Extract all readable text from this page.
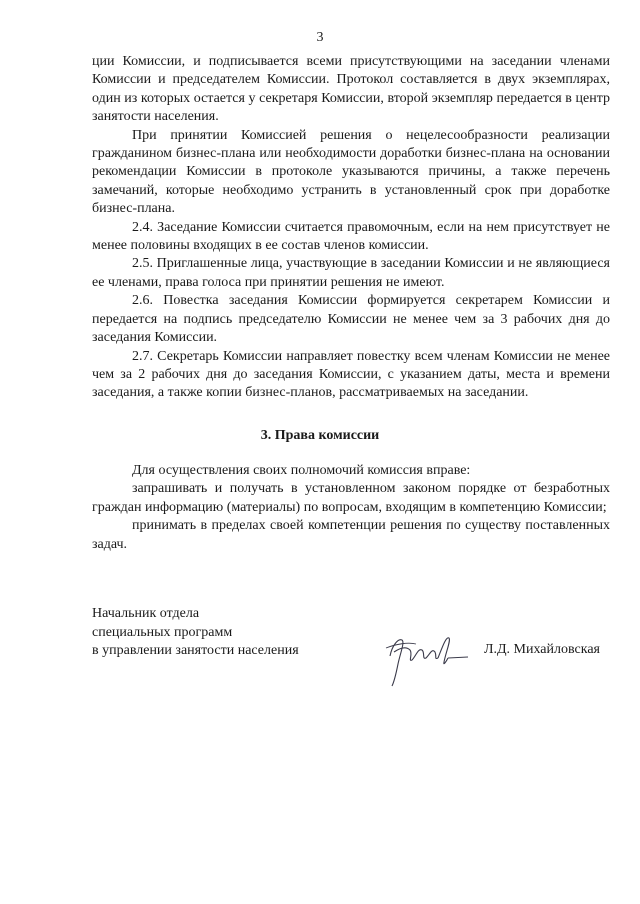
3

ции Комиссии, и подписывается всеми присутствующими на заседании членами Комиссии и председателем Комиссии. Протокол составляется в двух экземплярах, один из которых остается у секретаря Комиссии, второй экземпляр передается в центр занятости населения.

При принятии Комиссией решения о нецелесообразности реализации гражданином бизнес-плана или необходимости доработки бизнес-плана на основании рекомендации Комиссии в протоколе указываются причины, а также перечень замечаний, которые необходимо устранить в установленный срок при доработке бизнес-плана.

2.4. Заседание Комиссии считается правомочным, если на нем присутствует не менее половины входящих в ее состав членов комиссии.

2.5. Приглашенные лица, участвующие в заседании Комиссии и не являющиеся ее членами, права голоса при принятии решения не имеют.

2.6. Повестка заседания Комиссии формируется секретарем Комиссии и передается на подпись председателю Комиссии не менее чем за 3 рабочих дня до заседания Комиссии.

2.7. Секретарь Комиссии направляет повестку всем членам Комиссии не менее чем за 2 рабочих дня до заседания Комиссии, с указанием даты, места и времени заседания, а также копии бизнес-планов, рассматриваемых на заседании.

3. Права комиссии

Для осуществления своих полномочий комиссия вправе:

запрашивать и получать в установленном законом порядке от безработных граждан информацию (материалы) по вопросам, входящим в компетенцию Комиссии;

принимать в пределах своей компетенции решения по существу поставленных задач.

Начальник отдела
специальных программ
в управлении занятости населения	Л.Д. Михайловская
